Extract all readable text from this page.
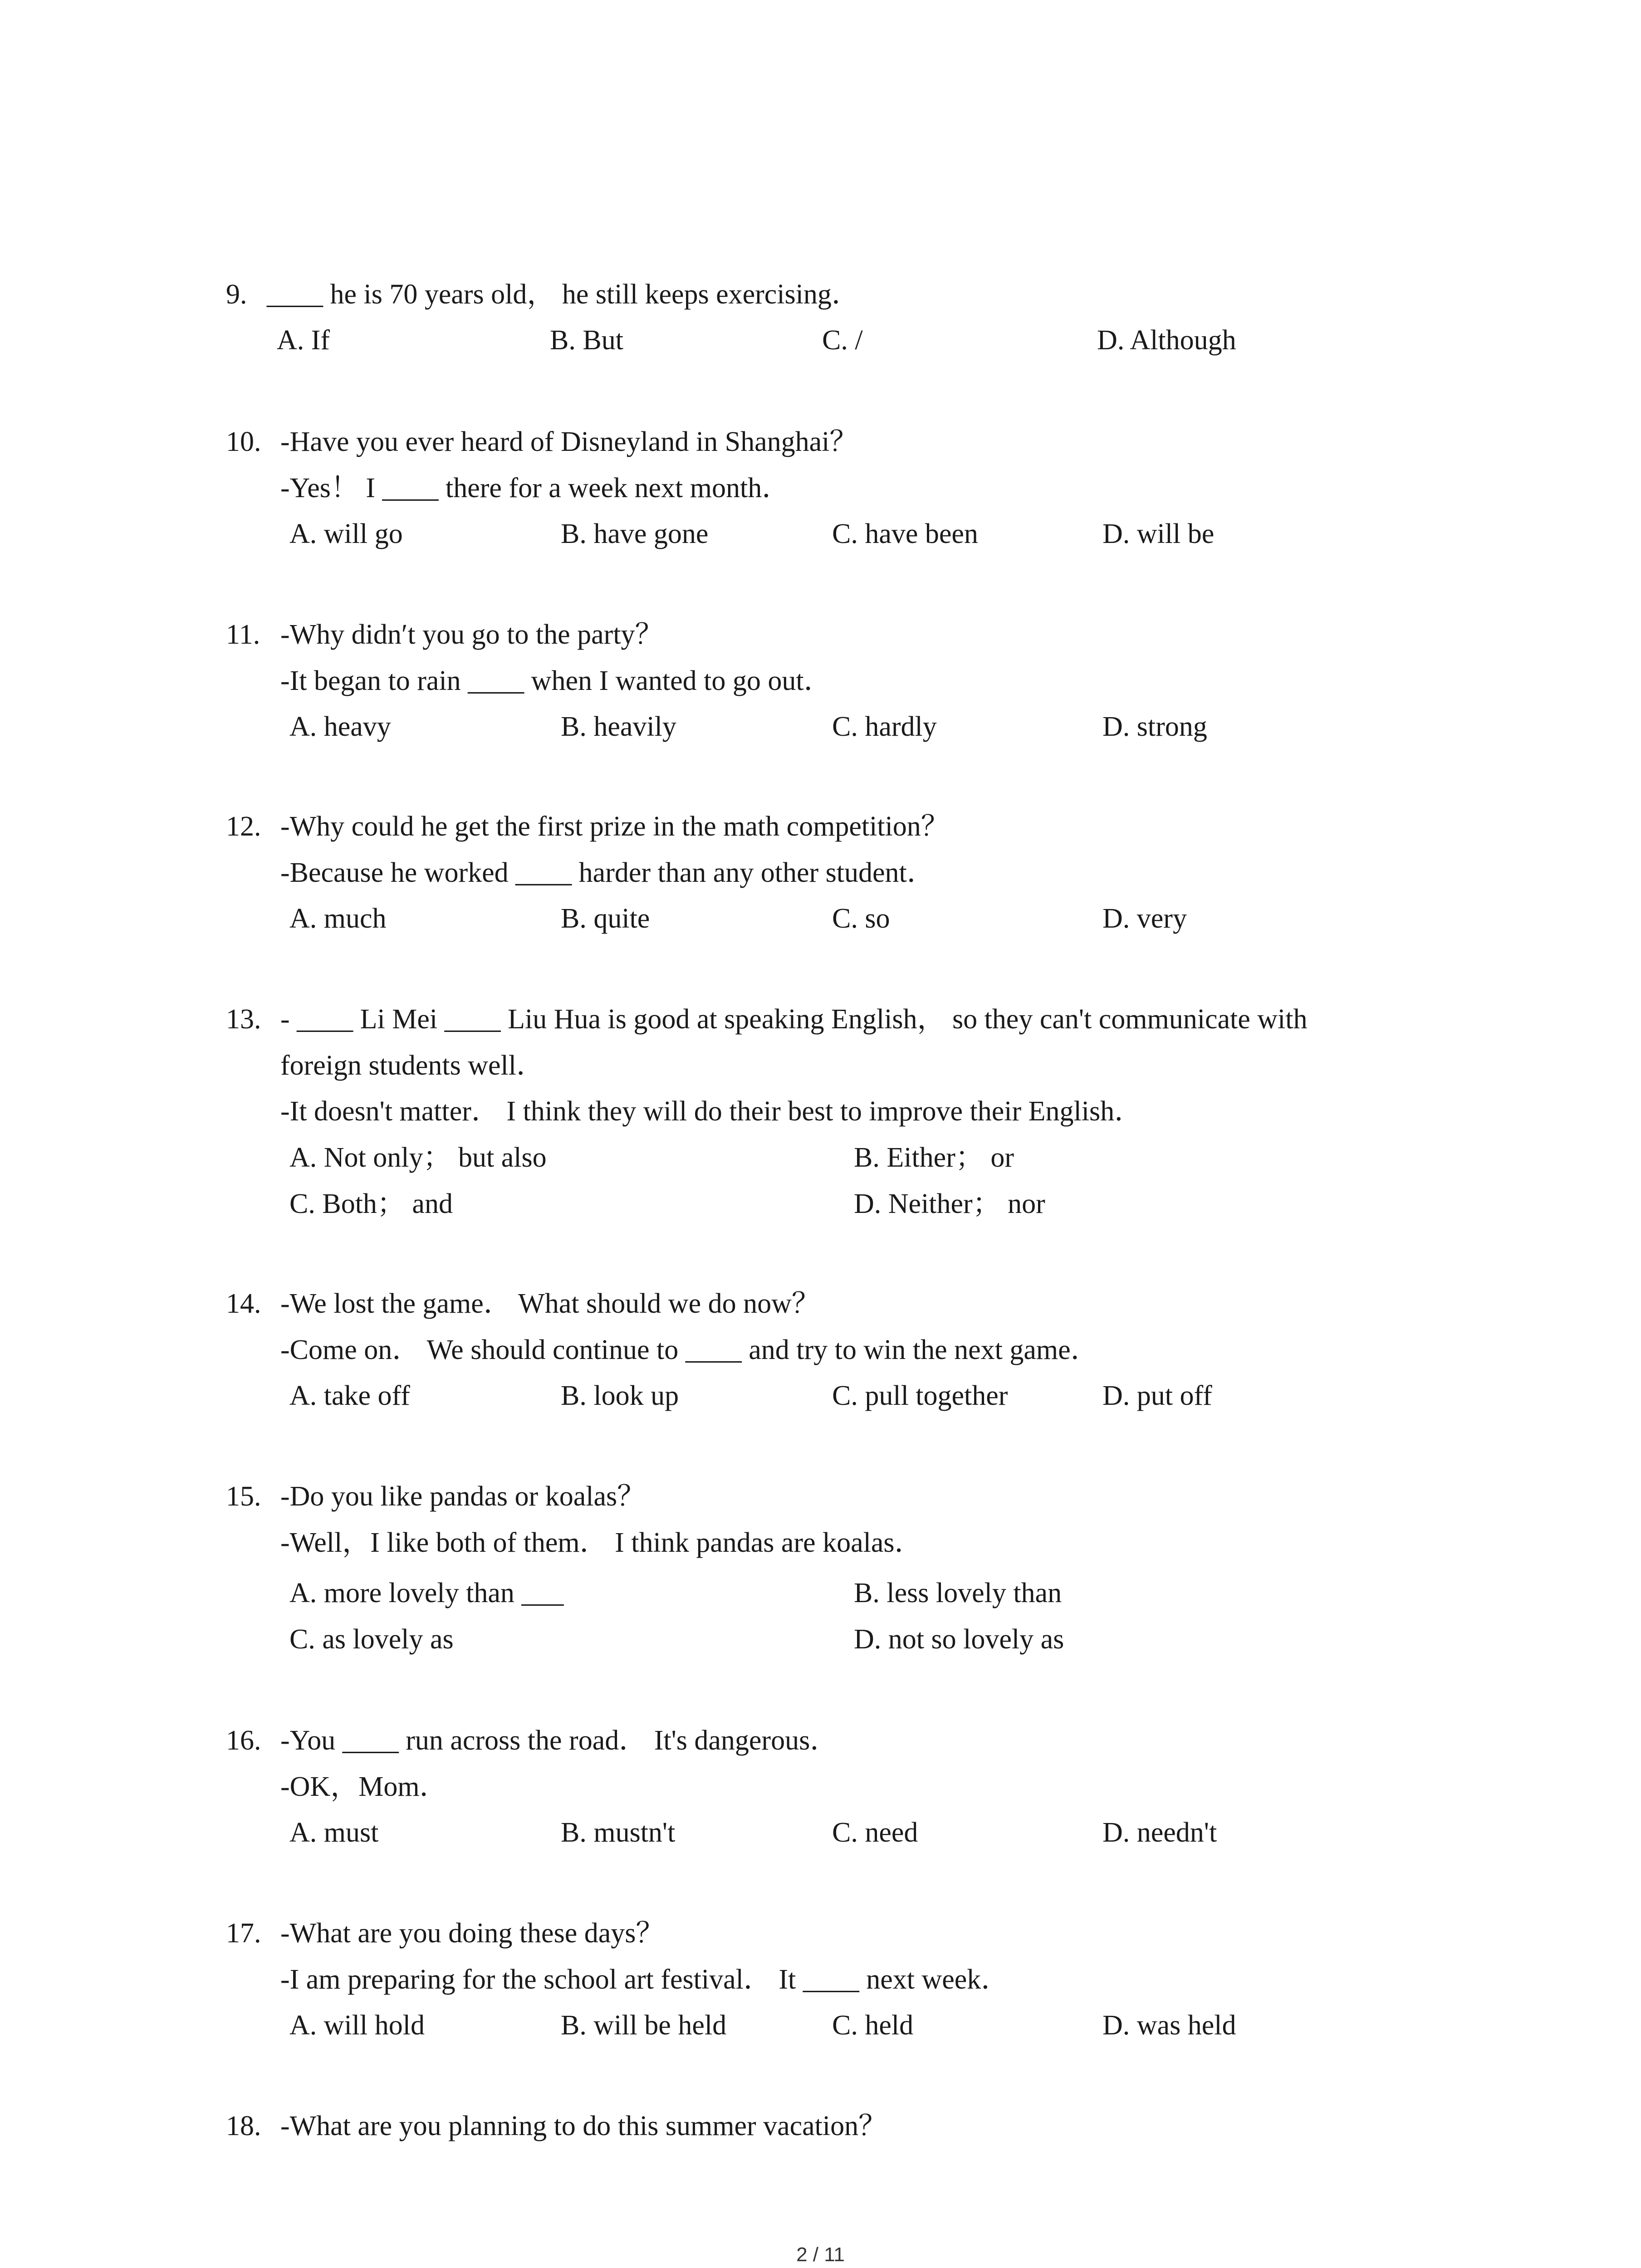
9. ____ he is 70 years old， he still keeps exercising．
A. If	B. But	C. /	D. Although
10. -Have you ever heard of Disneyland in Shanghai？
-Yes！ I ____ there for a week next month．
A. will go	B. have gone	C. have been	D. will be
11. -Why didn′t you go to the party？
-It began to rain ____ when I wanted to go out．
A. heavy	B. heavily	C. hardly	D. strong
12. -Why could he get the first prize in the math competition？
-Because he worked ____ harder than any other student．
A. much	B. quite	C. so	D. very
13. - ____ Li Mei ____ Liu Hua is good at speaking English， so they can't communicate with
foreign students well．
-It doesn't matter． I think they will do their best to improve their English．
A. Not only； but also	B. Either； or
C. Both； and	D. Neither； nor
14. -We lost the game． What should we do now？
-Come on． We should continue to ____ and try to win the next game．
A. take off	B. look up	C. pull together	D. put off
15. -Do you like pandas or koalas？
-Well，I like both of them． I think pandas are koalas．
A. more lovely than ___	B. less lovely than
C. as lovely as	D. not so lovely as
16. -You ____ run across the road． It's dangerous．
-OK，Mom．
A. must	B. mustn't	C. need	D. needn't
17. -What are you doing these days？
-I am preparing for the school art festival． It ____ next week．
A. will hold	B. will be held	C. held	D. was held
18. -What are you planning to do this summer vacation？
2 / 11
